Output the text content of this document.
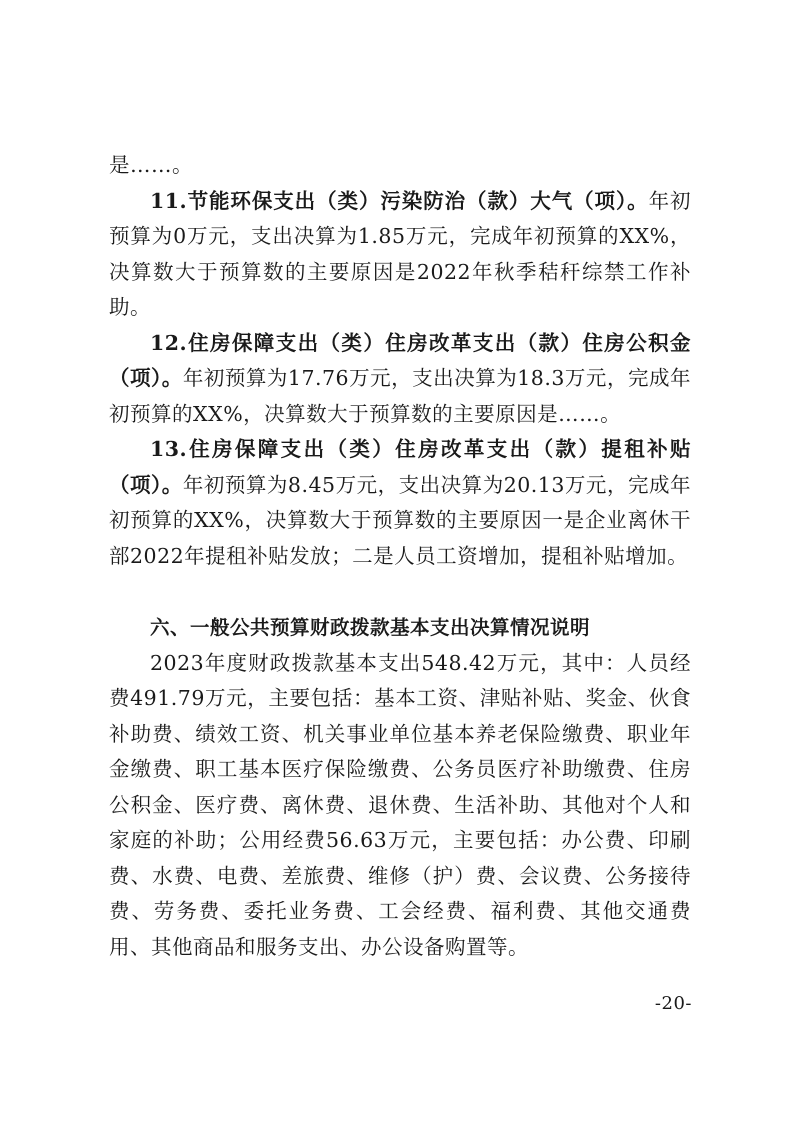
是……。

11.节能环保支出（类）污染防治（款）大气（项）。年初预算为0万元，支出决算为1.85万元，完成年初预算的XX%，决算数大于预算数的主要原因是2022年秋季秸秆综禁工作补助。

12.住房保障支出（类）住房改革支出（款）住房公积金（项）。年初预算为17.76万元，支出决算为18.3万元，完成年初预算的XX%，决算数大于预算数的主要原因是……。

13.住房保障支出（类）住房改革支出（款）提租补贴（项）。年初预算为8.45万元，支出决算为20.13万元，完成年初预算的XX%，决算数大于预算数的主要原因一是企业离休干部2022年提租补贴发放；二是人员工资增加，提租补贴增加。

六、一般公共预算财政拨款基本支出决算情况说明

2023年度财政拨款基本支出548.42万元，其中：人员经费491.79万元，主要包括：基本工资、津贴补贴、奖金、伙食补助费、绩效工资、机关事业单位基本养老保险缴费、职业年金缴费、职工基本医疗保险缴费、公务员医疗补助缴费、住房公积金、医疗费、离休费、退休费、生活补助、其他对个人和家庭的补助；公用经费56.63万元，主要包括：办公费、印刷费、水费、电费、差旅费、维修（护）费、会议费、公务接待费、劳务费、委托业务费、工会经费、福利费、其他交通费用、其他商品和服务支出、办公设备购置等。

-20-
